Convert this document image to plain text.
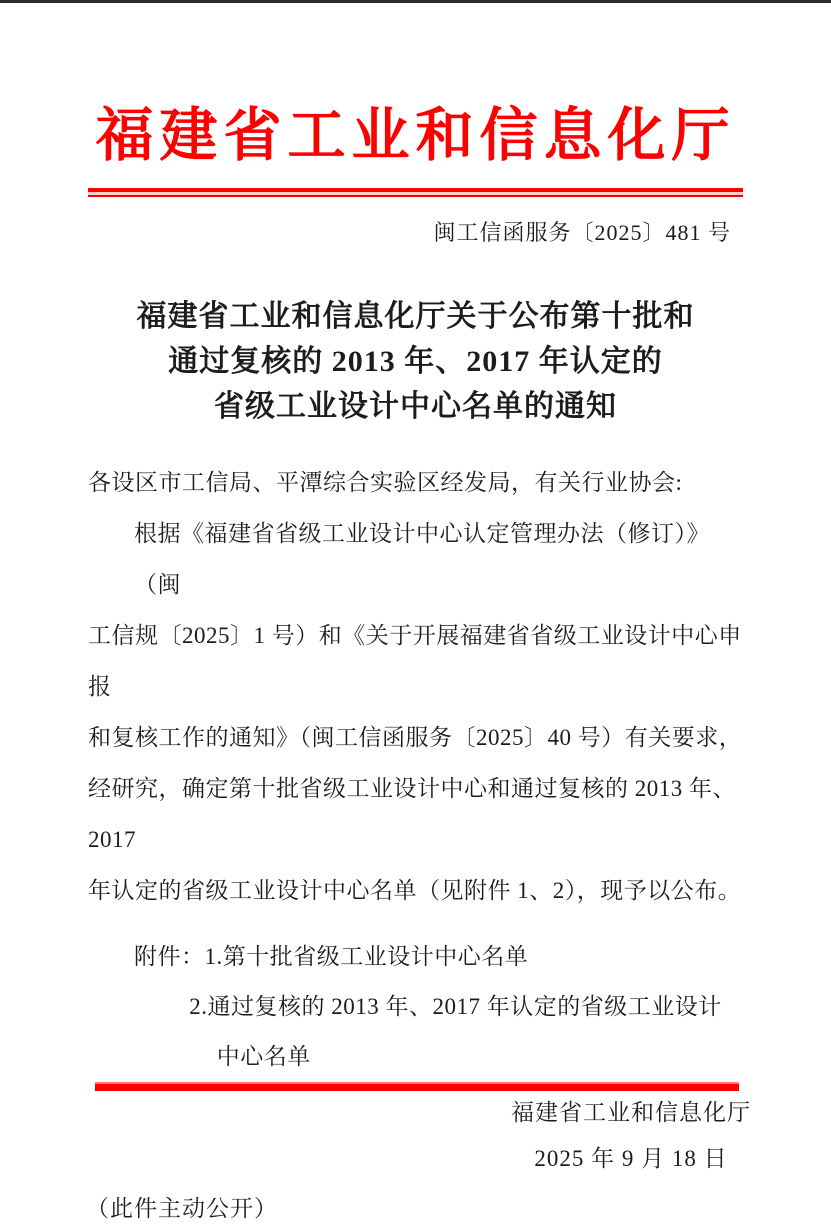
福建省工业和信息化厅
闽工信函服务〔2025〕481 号
福建省工业和信息化厅关于公布第十批和
通过复核的 2013 年、2017 年认定的
省级工业设计中心名单的通知
各设区市工信局、平潭综合实验区经发局，有关行业协会:
根据《福建省省级工业设计中心认定管理办法（修订）》（闽
工信规〔2025〕1 号）和《关于开展福建省省级工业设计中心申报
和复核工作的通知》（闽工信函服务〔2025〕40 号）有关要求，
经研究，确定第十批省级工业设计中心和通过复核的 2013 年、2017
年认定的省级工业设计中心名单（见附件 1、2），现予以公布。
附件：1.第十批省级工业设计中心名单
2.通过复核的 2013 年、2017 年认定的省级工业设计
中心名单
福建省工业和信息化厅
2025 年 9 月 18 日
（此件主动公开）
